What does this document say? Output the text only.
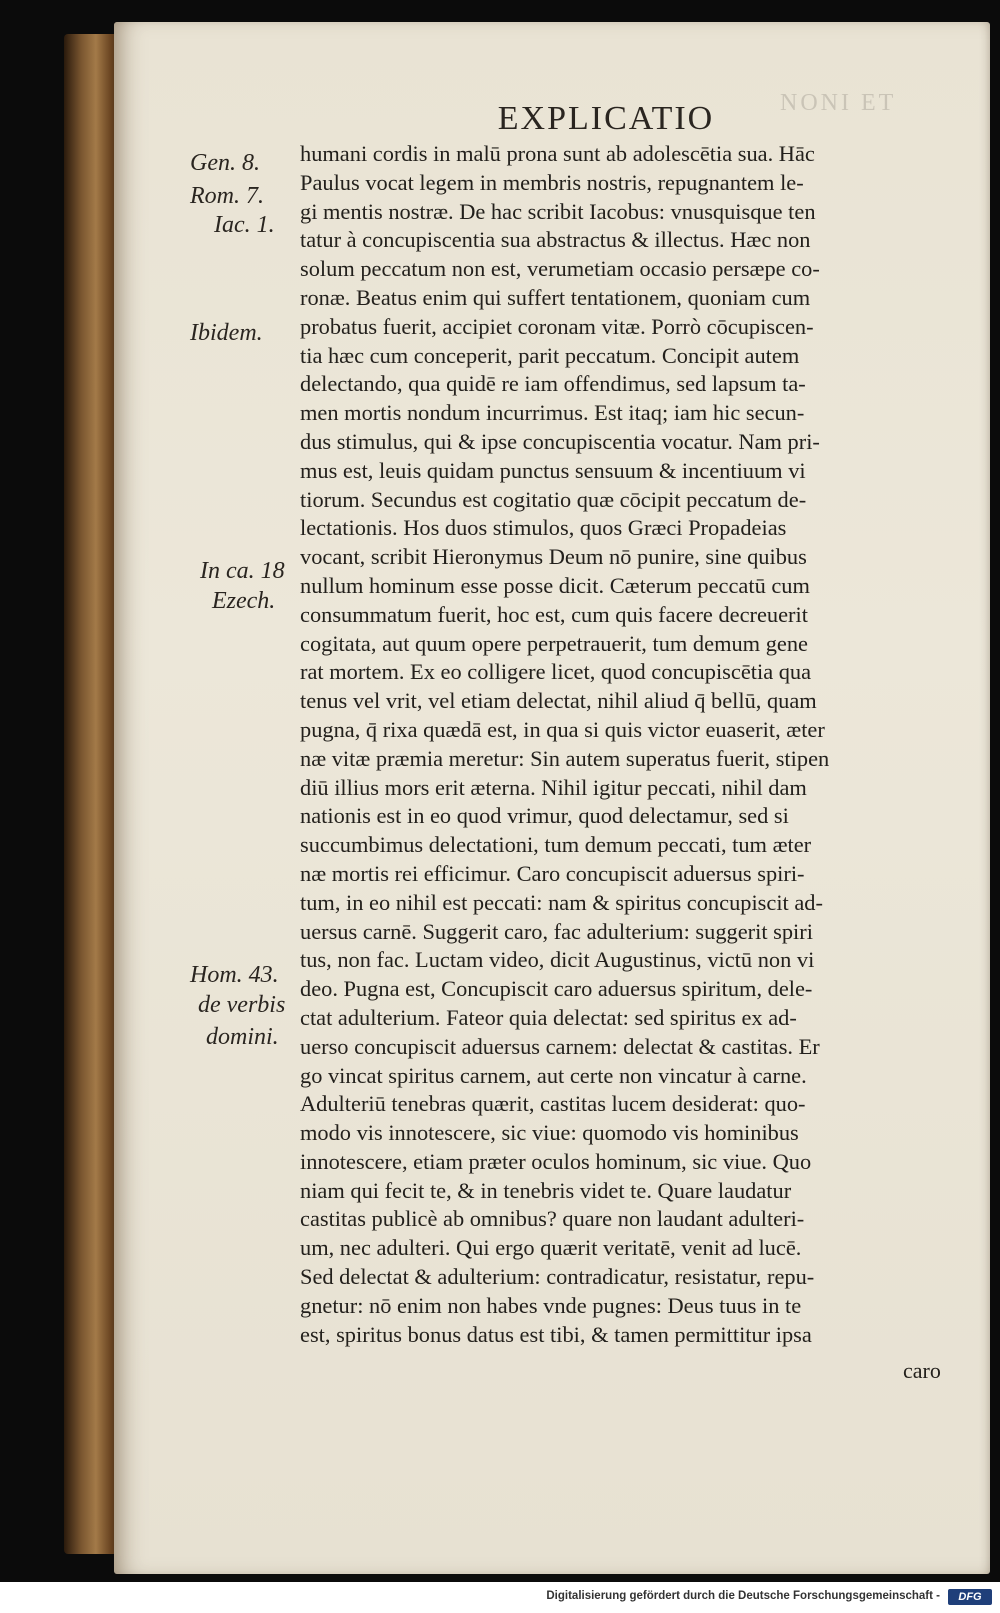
NONI ET
EXPLICATIO
Gen. 8.
Rom. 7.
Iac. 1.
Ibidem.
In ca. 18
Ezech.
Hom. 43.
de verbis
domini.
humani cordis in malū prona sunt ab adolescētia sua. Hāc
Paulus vocat legem in membris nostris, repugnantem le-
gi mentis nostræ. De hac scribit Iacobus: vnusquisque ten
tatur à concupiscentia sua abstractus & illectus. Hæc non
solum peccatum non est, verumetiam occasio persæpe co-
ronæ. Beatus enim qui suffert tentationem, quoniam cum
probatus fuerit, accipiet coronam vitæ. Porrò cōcupiscen-
tia hæc cum conceperit, parit peccatum. Concipit autem
delectando, qua quidē re iam offendimus, sed lapsum ta-
men mortis nondum incurrimus. Est itaq; iam hic secun-
dus stimulus, qui & ipse concupiscentia vocatur. Nam pri-
mus est, leuis quidam punctus sensuum & incentiuum vi
tiorum. Secundus est cogitatio quæ cōcipit peccatum de-
lectationis. Hos duos stimulos, quos Græci Propadeias
vocant, scribit Hieronymus Deum nō punire, sine quibus
nullum hominum esse posse dicit. Cæterum peccatū cum
consummatum fuerit, hoc est, cum quis facere decreuerit
cogitata, aut quum opere perpetrauerit, tum demum gene
rat mortem. Ex eo colligere licet, quod concupiscētia qua
tenus vel vrit, vel etiam delectat, nihil aliud q̄ bellū, quam
pugna, q̄ rixa quædā est, in qua si quis victor euaserit, æter
næ vitæ præmia meretur: Sin autem superatus fuerit, stipen
diū illius mors erit æterna. Nihil igitur peccati, nihil dam
nationis est in eo quod vrimur, quod delectamur, sed si
succumbimus delectationi, tum demum peccati, tum æter
næ mortis rei efficimur. Caro concupiscit aduersus spiri-
tum, in eo nihil est peccati: nam & spiritus concupiscit ad-
uersus carnē. Suggerit caro, fac adulterium: suggerit spiri
tus, non fac. Luctam video, dicit Augustinus, victū non vi
deo. Pugna est, Concupiscit caro aduersus spiritum, dele-
ctat adulterium. Fateor quia delectat: sed spiritus ex ad-
uerso concupiscit aduersus carnem: delectat & castitas. Er
go vincat spiritus carnem, aut certe non vincatur à carne.
Adulteriū tenebras quærit, castitas lucem desiderat: quo-
modo vis innotescere, sic viue: quomodo vis hominibus
innotescere, etiam præter oculos hominum, sic viue. Quo
niam qui fecit te, & in tenebris videt te. Quare laudatur
castitas publicè ab omnibus? quare non laudant adulteri-
um, nec adulteri. Qui ergo quærit veritatē, venit ad lucē.
Sed delectat & adulterium: contradicatur, resistatur, repu-
gnetur: nō enim non habes vnde pugnes: Deus tuus in te
est, spiritus bonus datus est tibi, & tamen permittitur ipsa
caro
Digitalisierung gefördert durch die Deutsche Forschungsgemeinschaft -	DFG
